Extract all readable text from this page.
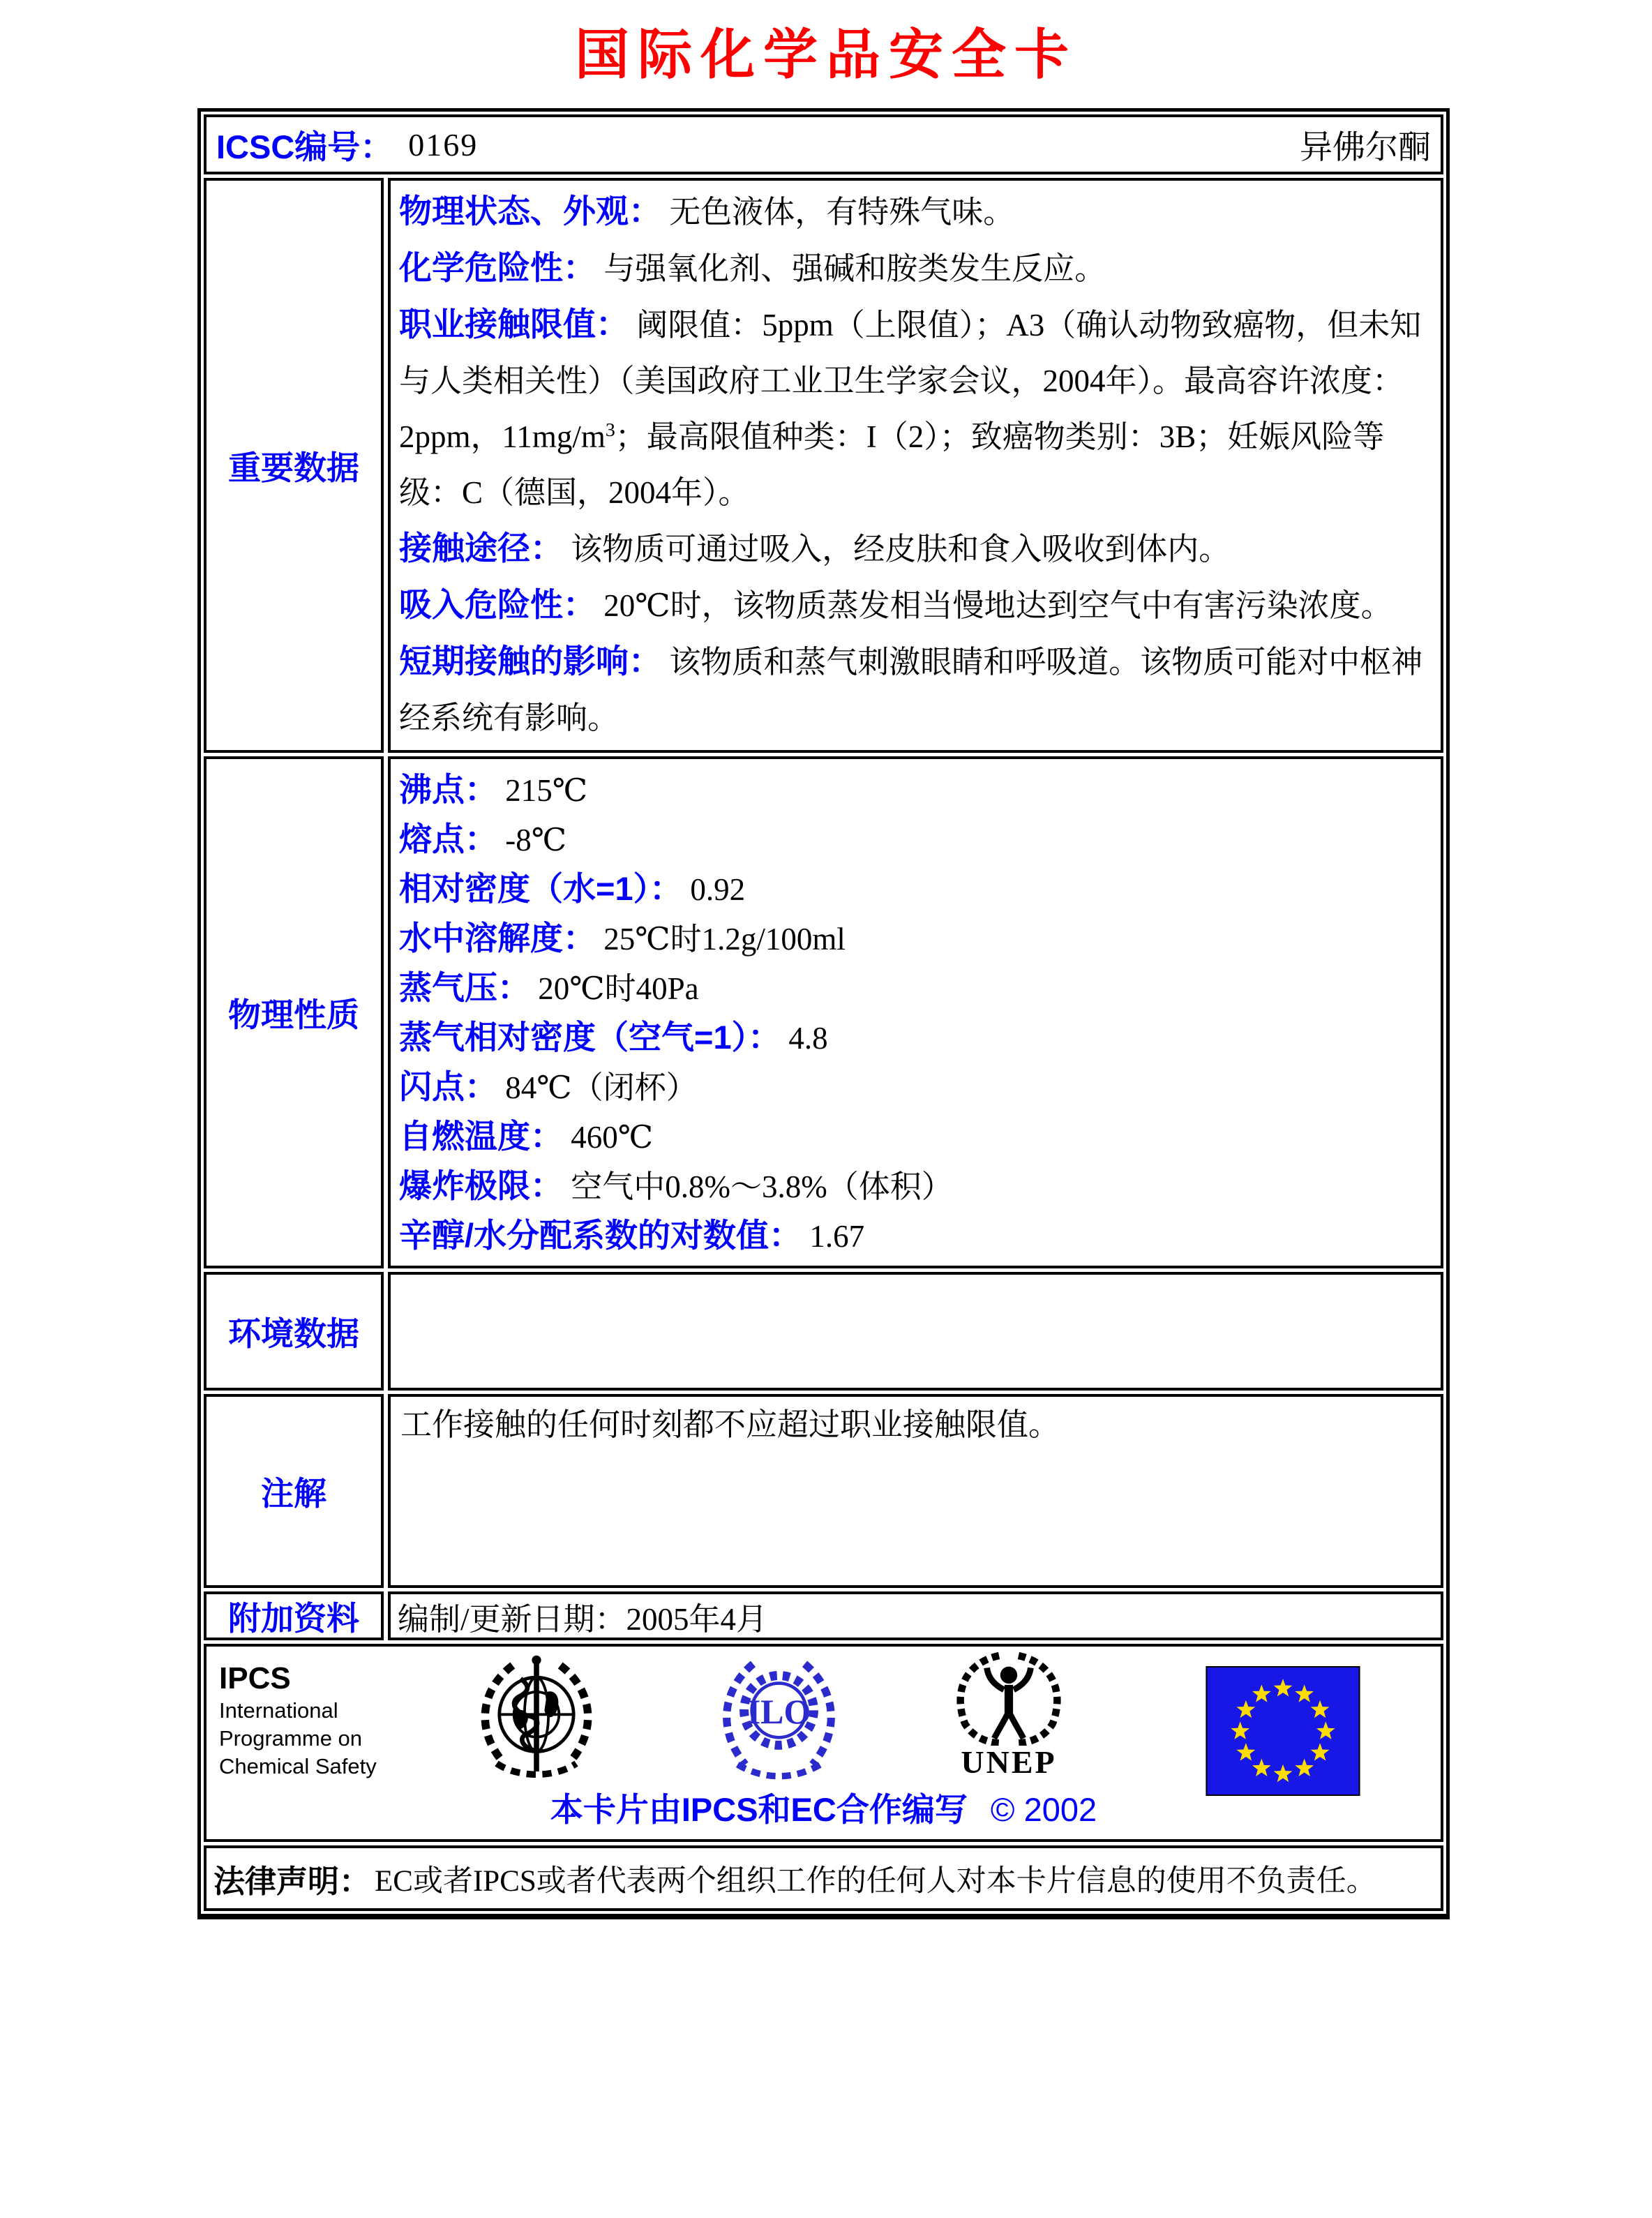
国际化学品安全卡
ICSC编号： 0169	异佛尔酮
重要数据
物理状态、外观： 无色液体，有特殊气味。
化学危险性： 与强氧化剂、强碱和胺类发生反应。
职业接触限值： 阈限值：5ppm（上限值）；A3（确认动物致癌物，但未知与人类相关性）（美国政府工业卫生学家会议，2004年）。最高容许浓度：2ppm，$11mg/m^3$；最高限值种类：I（2）；致癌物类别：3B；妊娠风险等级：C（德国，2004年）。
接触途径： 该物质可通过吸入，经皮肤和食入吸收到体内。
吸入危险性： 20℃时，该物质蒸发相当慢地达到空气中有害污染浓度。
短期接触的影响： 该物质和蒸气刺激眼睛和呼吸道。该物质可能对中枢神经系统有影响。
物理性质
沸点： 215℃
熔点： -8℃
相对密度（水=1）： 0.92
水中溶解度： 25℃时1.2g/100ml
蒸气压： 20℃时40Pa
蒸气相对密度（空气=1）： 4.8
闪点： 84℃（闭杯）
自燃温度： 460℃
爆炸极限： 空气中0.8%～3.8%（体积）
辛醇/水分配系数的对数值： 1.67
环境数据
注解
工作接触的任何时刻都不应超过职业接触限值。
附加资料 编制/更新日期：2005年4月
IPCS
International
Programme on
Chemical Safety
ILO
UNEP
本卡片由IPCS和EC合作编写 © 2002
法律声明： EC或者IPCS或者代表两个组织工作的任何人对本卡片信息的使用不负责任。
